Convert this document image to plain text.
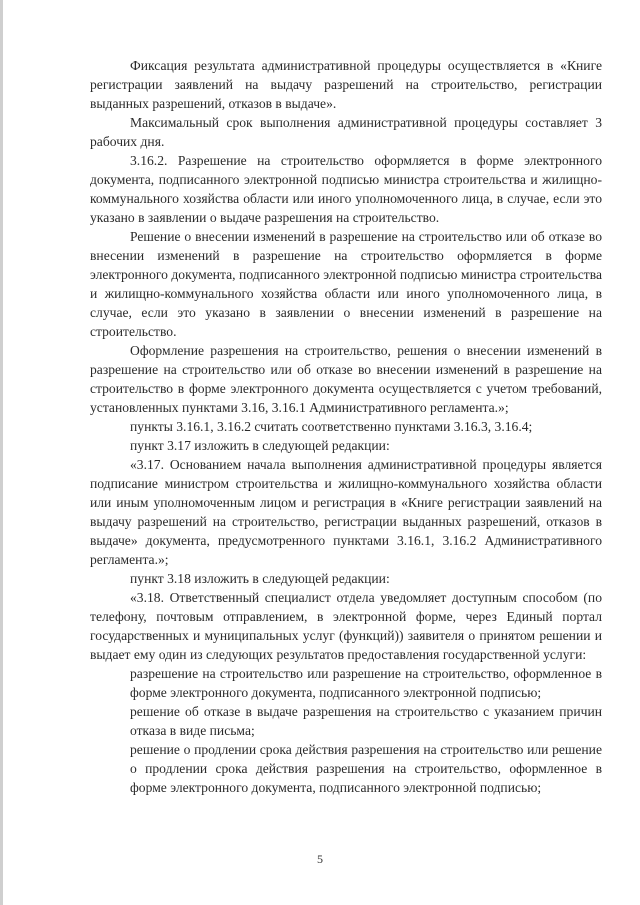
Фиксация результата административной процедуры осуществляется в «Книге регистрации заявлений на выдачу разрешений на строительство, регистрации выданных разрешений, отказов в выдаче».

Максимальный срок выполнения административной процедуры составляет 3 рабочих дня.

3.16.2. Разрешение на строительство оформляется в форме электронного документа, подписанного электронной подписью министра строительства и жилищно-коммунального хозяйства области или иного уполномоченного лица, в случае, если это указано в заявлении о выдаче разрешения на строительство.

Решение о внесении изменений в разрешение на строительство или об отказе во внесении изменений в разрешение на строительство оформляется в форме электронного документа, подписанного электронной подписью министра строительства и жилищно-коммунального хозяйства области или иного уполномоченного лица, в случае, если это указано в заявлении о внесении изменений в разрешение на строительство.

Оформление разрешения на строительство, решения о внесении изменений в разрешение на строительство или об отказе во внесении изменений в разрешение на строительство в форме электронного документа осуществляется с учетом требований, установленных пунктами 3.16, 3.16.1 Административного регламента.»;

пункты 3.16.1, 3.16.2 считать соответственно пунктами 3.16.3, 3.16.4;

пункт 3.17 изложить в следующей редакции:

«3.17. Основанием начала выполнения административной процедуры является подписание министром строительства и жилищно-коммунального хозяйства области или иным уполномоченным лицом и регистрация в «Книге регистрации заявлений на выдачу разрешений на строительство, регистрации выданных разрешений, отказов в выдаче» документа, предусмотренного пунктами 3.16.1, 3.16.2 Административного регламента.»;

пункт 3.18 изложить в следующей редакции:

«3.18. Ответственный специалист отдела уведомляет доступным способом (по телефону, почтовым отправлением, в электронной форме, через Единый портал государственных и муниципальных услуг (функций)) заявителя о принятом решении и выдает ему один из следующих результатов предоставления государственной услуги:

разрешение на строительство или разрешение на строительство, оформленное в форме электронного документа, подписанного электронной подписью;

решение об отказе в выдаче разрешения на строительство с указанием причин отказа в виде письма;

решение о продлении срока действия разрешения на строительство или решение о продлении срока действия разрешения на строительство, оформленное в форме электронного документа, подписанного электронной подписью;

5
